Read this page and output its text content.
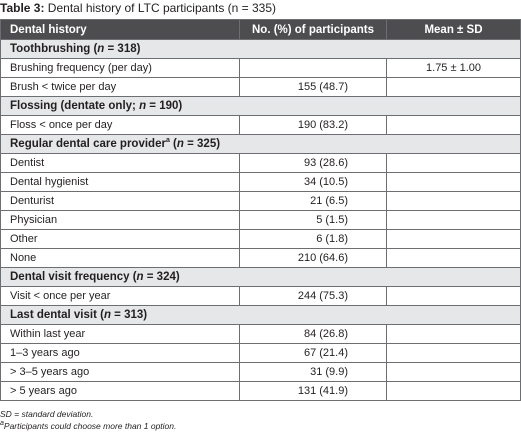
Table 3: Dental history of LTC participants (n = 335)
Dental history	No. (%) of participants	Mean ± SD
Toothbrushing (n = 318)		
Brushing frequency (per day)		1.75 ± 1.00
Brush < twice per day	155 (48.7)	
Flossing (dentate only; n = 190)		
Floss < once per day	190 (83.2)	
Regular dental care provider$^a$ (n = 325)		
Dentist	93 (28.6)	
Dental hygienist	34 (10.5)	
Denturist	21 (6.5)	
Physician	5 (1.5)	
Other	6 (1.8)	
None	210 (64.6)	
Dental visit frequency (n = 324)		
Visit < once per year	244 (75.3)	
Last dental visit (n = 313)		
Within last year	84 (26.8)	
1–3 years ago	67 (21.4)	
> 3–5 years ago	31 (9.9)	
> 5 years ago	131 (41.9)	
SD = standard deviation.
$^a$Participants could choose more than 1 option.
